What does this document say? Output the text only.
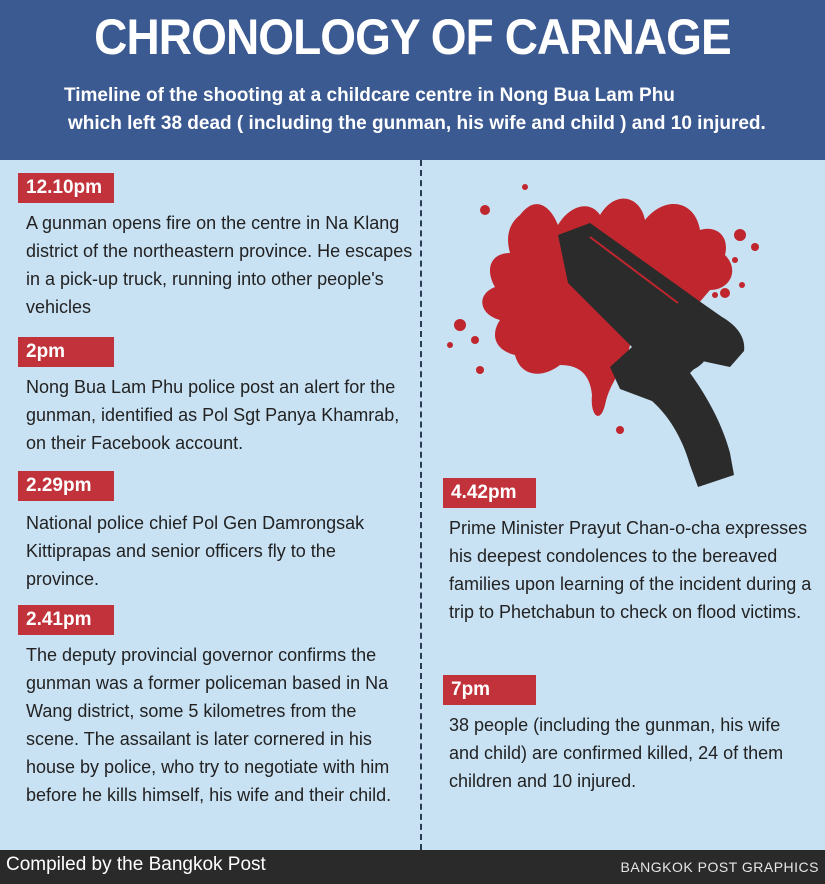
CHRONOLOGY OF CARNAGE
Timeline of the shooting at a childcare centre in Nong Bua Lam Phu
which left 38 dead ( including the gunman, his wife and child ) and 10 injured.
12.10pm
A gunman opens fire on the centre in Na Klang district of the northeastern province. He escapes in a pick-up truck, running into other people's vehicles
2pm
Nong Bua Lam Phu police post an alert for the gunman, identified as Pol Sgt Panya Khamrab, on their Facebook account.
2.29pm
National police chief Pol Gen Damrongsak Kittiprapas and senior officers fly to the province.
2.41pm
The deputy provincial governor confirms the gunman was a former policeman based in Na Wang district, some 5 kilometres from the scene. The assailant is later cornered in his house by police, who try to negotiate with him before he kills himself, his wife and their child.
4.42pm
Prime Minister Prayut Chan-o-cha expresses his deepest condolences to the bereaved families upon learning of the incident during a trip to Phetchabun to check on flood victims.
7pm
38 people (including the gunman, his wife and child) are confirmed killed, 24 of them children and 10 injured.
Compiled by the Bangkok Post	BANGKOK POST GRAPHICS
